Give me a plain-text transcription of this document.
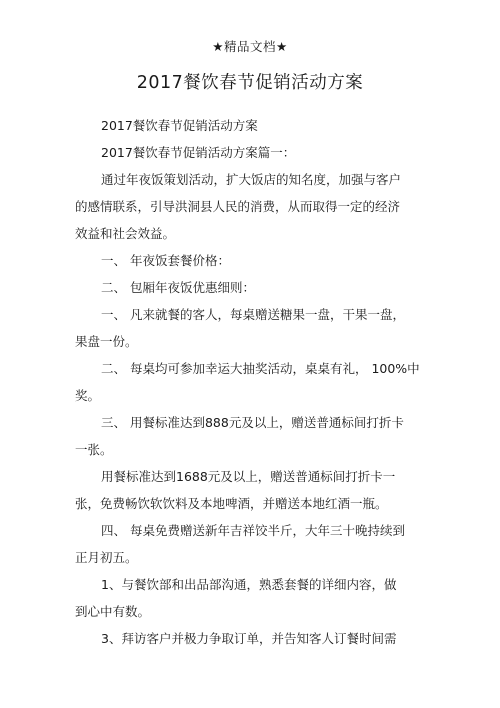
★精品文档★
2017餐饮春节促销活动方案
2017餐饮春节促销活动方案
2017餐饮春节促销活动方案篇一：
通过年夜饭策划活动，扩大饭店的知名度，加强与客户
的感情联系，引导洪洞县人民的消费，从而取得一定的经济
效益和社会效益。
一、 年夜饭套餐价格：
二、 包厢年夜饭优惠细则：
一、 凡来就餐的客人，每桌赠送糖果一盘，干果一盘，
果盘一份。
二、 每桌均可参加幸运大抽奖活动，桌桌有礼， 100%中
奖。
三、 用餐标准达到888元及以上，赠送普通标间打折卡
一张。
用餐标准达到1688元及以上，赠送普通标间打折卡一
张，免费畅饮软饮料及本地啤酒，并赠送本地红酒一瓶。
四、 每桌免费赠送新年吉祥饺半斤，大年三十晚持续到
正月初五。
1、与餐饮部和出品部沟通，熟悉套餐的详细内容，做
到心中有数。
3、拜访客户并极力争取订单，并告知客人订餐时间需
